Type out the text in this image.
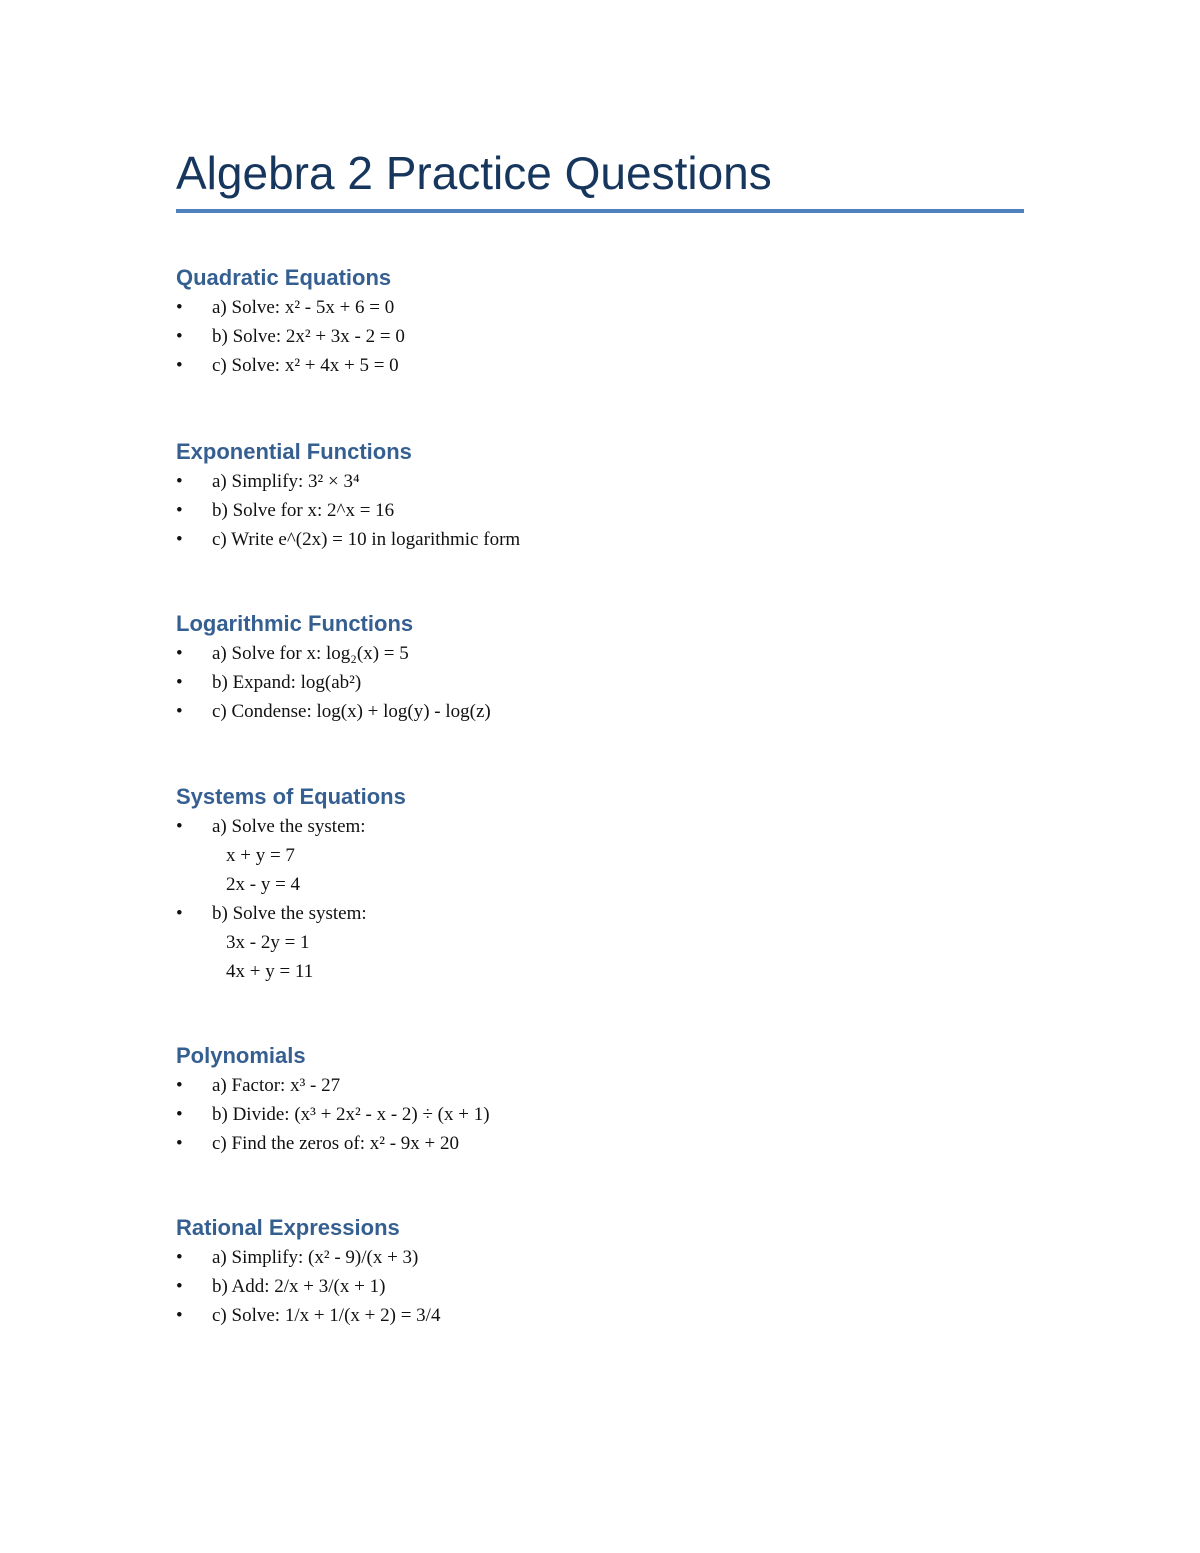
Algebra 2 Practice Questions
Quadratic Equations
• a) Solve: x² - 5x + 6 = 0
• b) Solve: 2x² + 3x - 2 = 0
• c) Solve: x² + 4x + 5 = 0
Exponential Functions
• a) Simplify: 3² × 3⁴
• b) Solve for x: 2^x = 16
• c) Write e^(2x) = 10 in logarithmic form
Logarithmic Functions
• a) Solve for x: log₂(x) = 5
• b) Expand: log(ab²)
• c) Condense: log(x) + log(y) - log(z)
Systems of Equations
• a) Solve the system:
x + y = 7
2x - y = 4
• b) Solve the system:
3x - 2y = 1
4x + y = 11
Polynomials
• a) Factor: x³ - 27
• b) Divide: (x³ + 2x² - x - 2) ÷ (x + 1)
• c) Find the zeros of: x² - 9x + 20
Rational Expressions
• a) Simplify: (x² - 9)/(x + 3)
• b) Add: 2/x + 3/(x + 1)
• c) Solve: 1/x + 1/(x + 2) = 3/4
